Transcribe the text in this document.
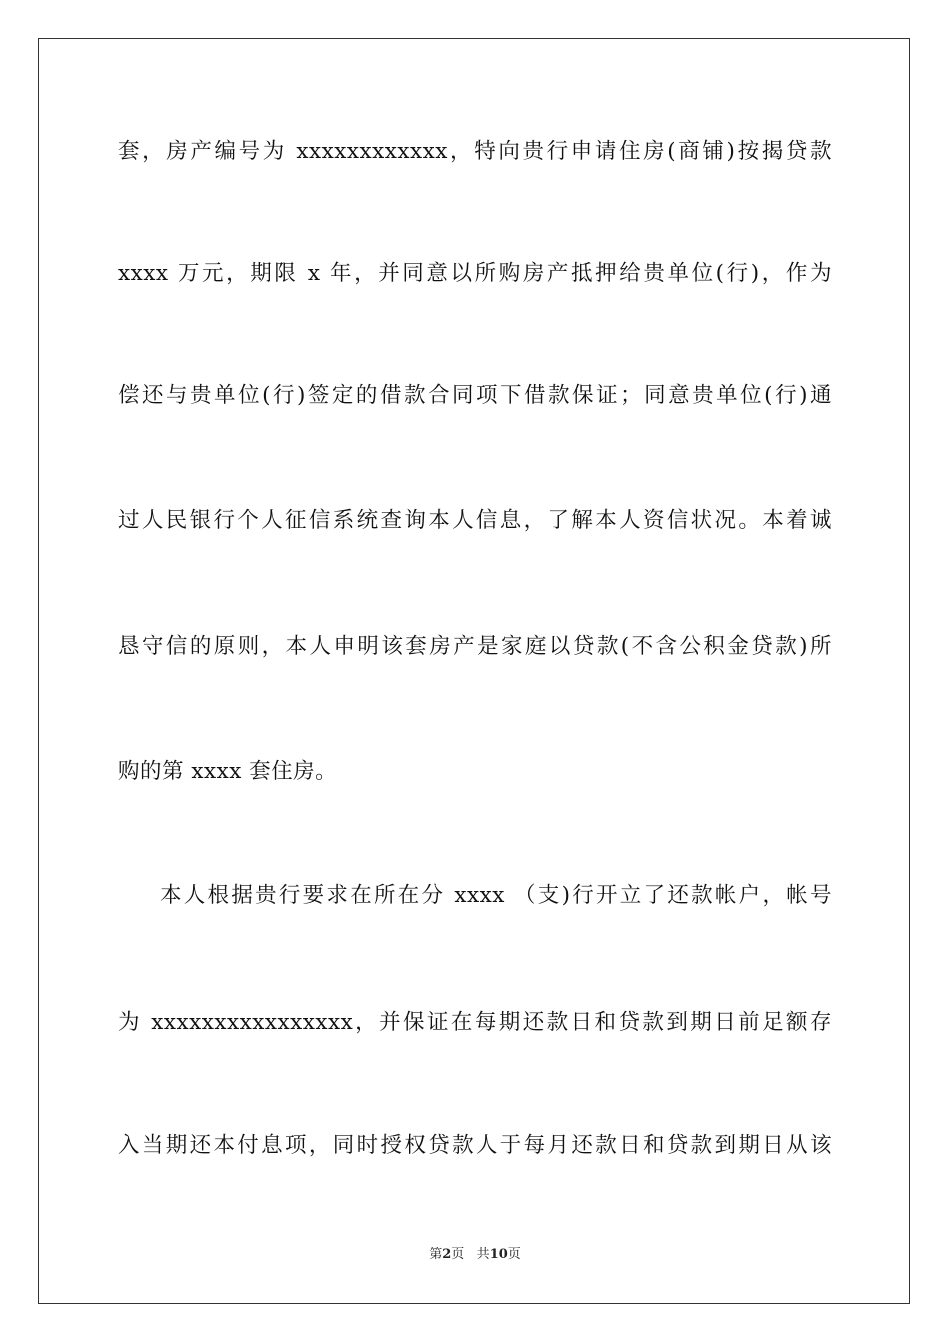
套，房产编号为 xxxxxxxxxxxx，特向贵行申请住房(商铺)按揭贷款
xxxx 万元，期限 x 年，并同意以所购房产抵押给贵单位(行)，作为
偿还与贵单位(行)签定的借款合同项下借款保证；同意贵单位(行)通
过人民银行个人征信系统查询本人信息，了解本人资信状况。本着诚
恳守信的原则，本人申明该套房产是家庭以贷款(不含公积金贷款)所
购的第 xxxx 套住房。
本人根据贵行要求在所在分 xxxx （支)行开立了还款帐户，帐号
为 xxxxxxxxxxxxxxxx，并保证在每期还款日和贷款到期日前足额存
入当期还本付息项，同时授权贷款人于每月还款日和贷款到期日从该
第2页 共10页
